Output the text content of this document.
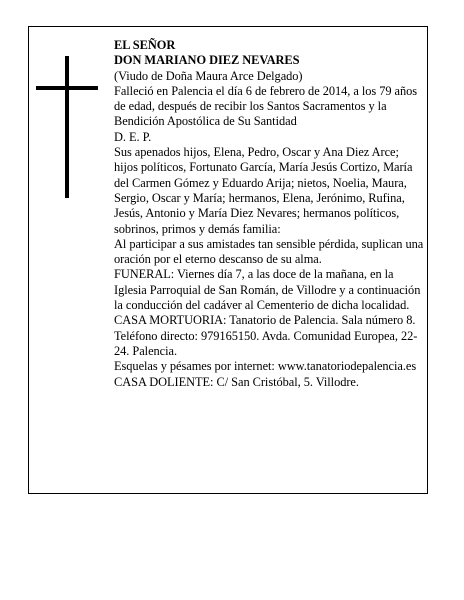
EL SEÑOR

DON MARIANO DIEZ NEVARES

(Viudo de Doña Maura Arce Delgado)

Falleció en Palencia el día 6 de febrero de 2014, a los 79 años de edad, después de recibir los Santos Sacramentos y la Bendición Apostólica de Su Santidad

D. E. P.

Sus apenados hijos, Elena, Pedro, Oscar y Ana Diez Arce; hijos políticos, Fortunato García, María Jesús Cortizo, María del Carmen Gómez y Eduardo Arija; nietos, Noelia, Maura, Sergio, Oscar y María; hermanos, Elena, Jerónimo, Rufina, Jesús, Antonio y María Diez Nevares; hermanos políticos, sobrinos, primos y demás familia:

Al participar a sus amistades tan sensible pérdida, suplican una oración por el eterno descanso de su alma.

FUNERAL: Viernes día 7, a las doce de la mañana, en la Iglesia Parroquial de San Román, de Villodre y a continuación la conducción del cadáver al Cementerio de dicha localidad.

CASA MORTUORIA: Tanatorio de Palencia. Sala número 8. Teléfono directo: 979165150. Avda. Comunidad Europea, 22-24. Palencia.

Esquelas y pésames por internet: www.tanatoriodepalencia.es

CASA DOLIENTE: C/ San Cristóbal, 5. Villodre.
